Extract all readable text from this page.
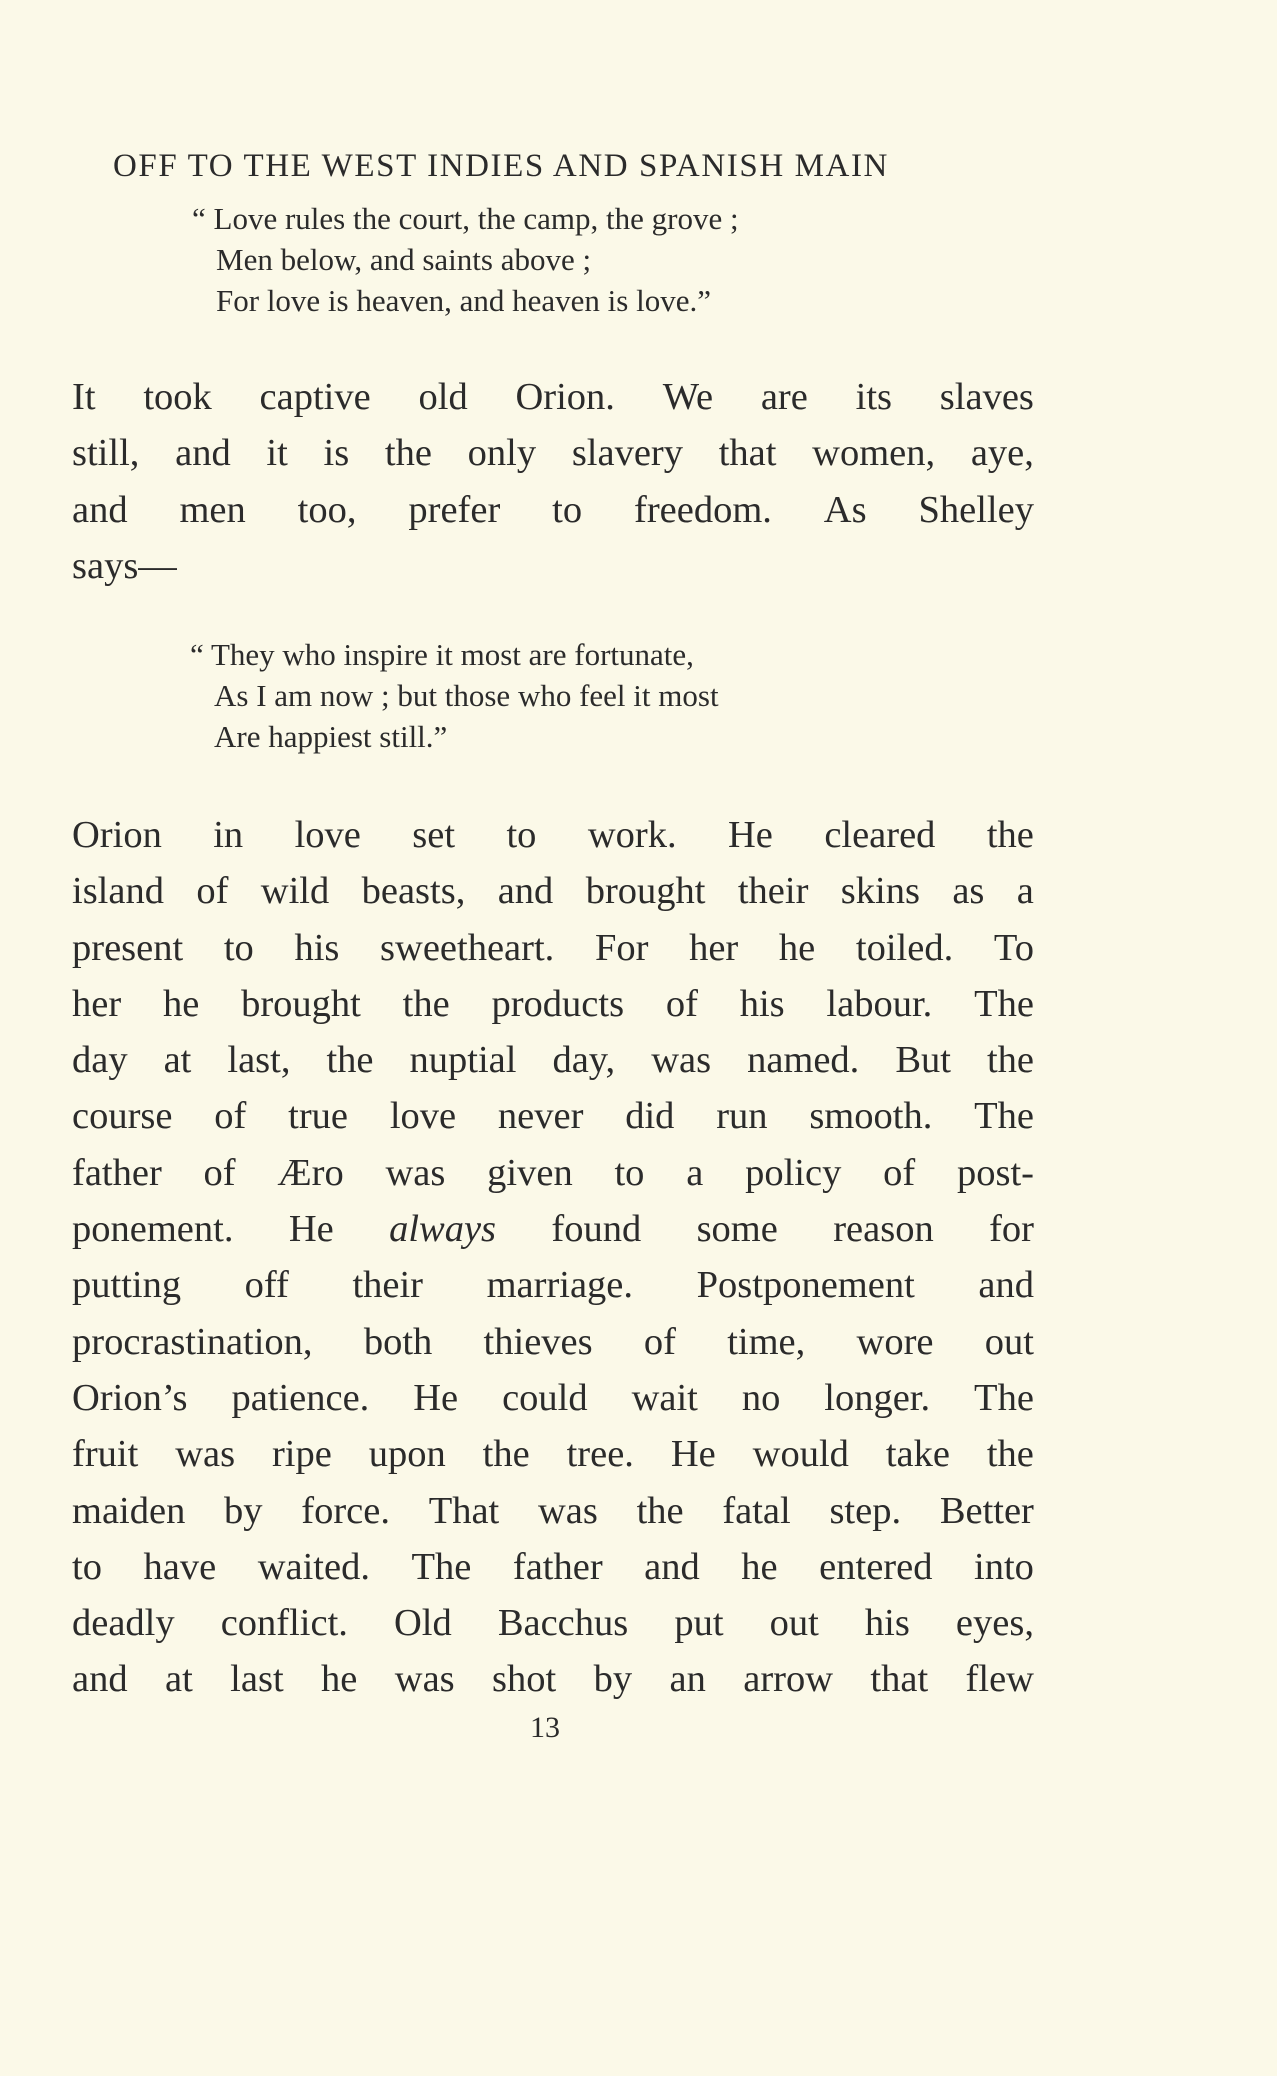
OFF TO THE WEST INDIES AND SPANISH MAIN
“ Love rules the court, the camp, the grove ;
Men below, and saints above ;
For love is heaven, and heaven is love.”
It took captive old Orion. We are its slaves
still, and it is the only slavery that women, aye,
and men too, prefer to freedom. As Shelley
says—
“ They who inspire it most are fortunate,
As I am now ; but those who feel it most
Are happiest still.”
Orion in love set to work. He cleared the
island of wild beasts, and brought their skins as a
present to his sweetheart. For her he toiled. To
her he brought the products of his labour. The
day at last, the nuptial day, was named. But the
course of true love never did run smooth. The
father of Æro was given to a policy of post-
ponement. He always found some reason for
putting off their marriage. Postponement and
procrastination, both thieves of time, wore out
Orion’s patience. He could wait no longer. The
fruit was ripe upon the tree. He would take the
maiden by force. That was the fatal step. Better
to have waited. The father and he entered into
deadly conflict. Old Bacchus put out his eyes,
and at last he was shot by an arrow that flew
13
